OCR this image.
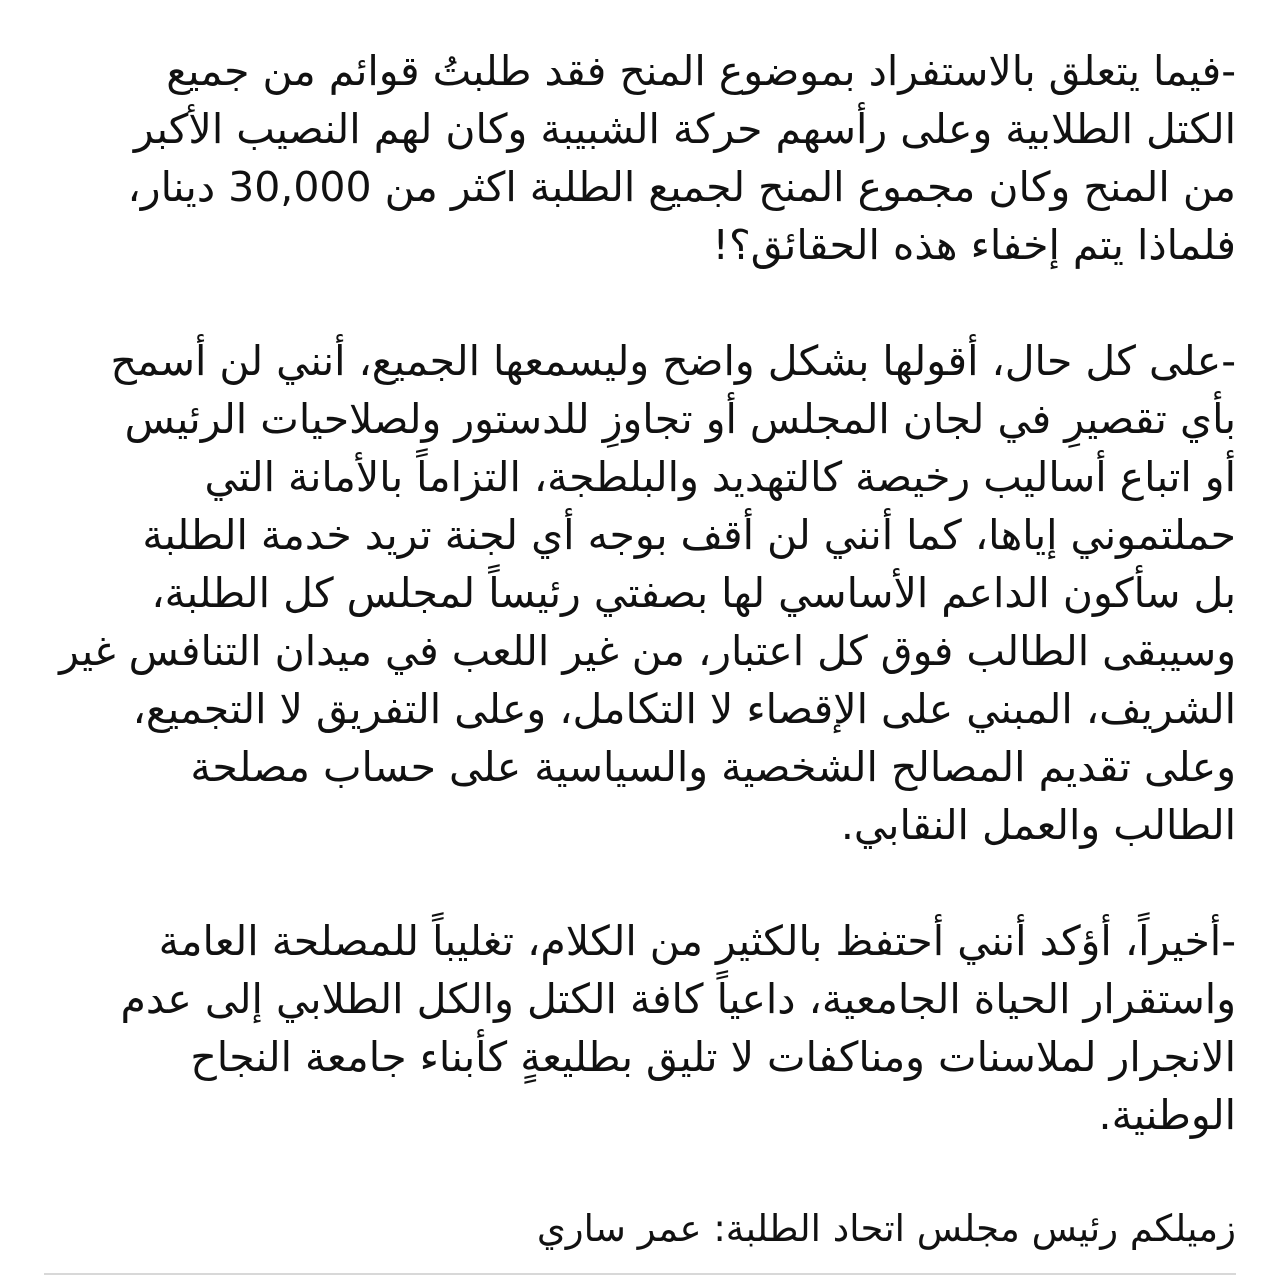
-فيما يتعلق بالاستفراد بموضوع المنح فقد طلبتُ قوائم من جميع
الكتل الطلابية وعلى رأسهم حركة الشبيبة وكان لهم النصيب الأكبر
من المنح وكان مجموع المنح لجميع الطلبة اكثر من 30,000 دينار،
فلماذا يتم إخفاء هذه الحقائق؟!
-على كل حال، أقولها بشكل واضح وليسمعها الجميع، أنني لن أسمح
بأي تقصيرٍ في لجان المجلس أو تجاوزٍ للدستور ولصلاحيات الرئيس
أو اتباع أساليب رخيصة كالتهديد والبلطجة، التزاماً بالأمانة التي
حملتموني إياها، كما أنني لن أقف بوجه أي لجنة تريد خدمة الطلبة
بل سأكون الداعم الأساسي لها بصفتي رئيساً لمجلس كل الطلبة،
وسيبقى الطالب فوق كل اعتبار، من غير اللعب في ميدان التنافس غير
الشريف، المبني على الإقصاء لا التكامل، وعلى التفريق لا التجميع،
وعلى تقديم المصالح الشخصية والسياسية على حساب مصلحة
الطالب والعمل النقابي.
-أخيراً، أؤكد أنني أحتفظ بالكثير من الكلام، تغليباً للمصلحة العامة
واستقرار الحياة الجامعية، داعياً كافة الكتل والكل الطلابي إلى عدم
الانجرار لملاسنات ومناكفات لا تليق بطليعةٍ كأبناء جامعة النجاح
الوطنية.
زميلكم رئيس مجلس اتحاد الطلبة: عمر ساري
